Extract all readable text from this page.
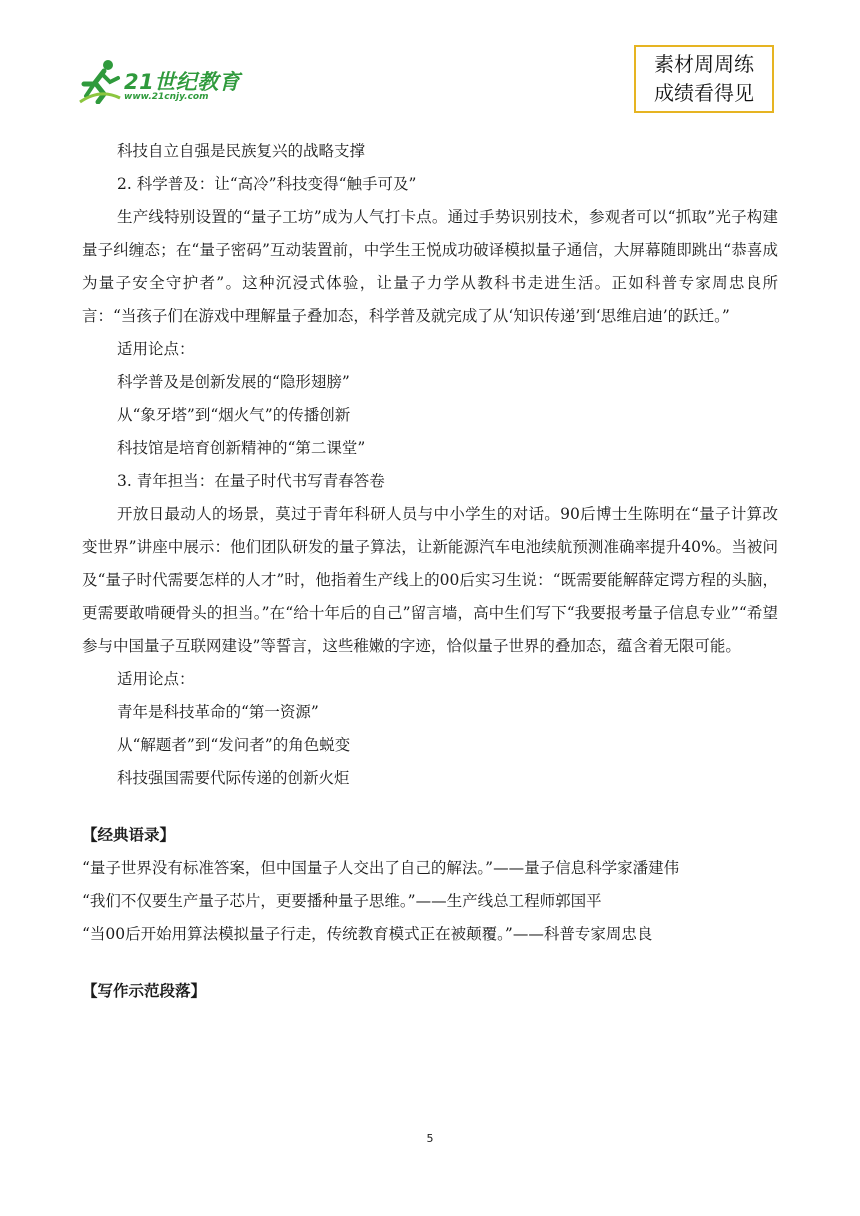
21世纪教育
www.21cnjy.com
素材周周练
成绩看得见

科技自立自强是民族复兴的战略支撑

2. 科学普及：让“高冷”科技变得“触手可及”

生产线特别设置的“量子工坊”成为人气打卡点。通过手势识别技术，参观者可以“抓取”光子构建量子纠缠态；在“量子密码”互动装置前，中学生王悦成功破译模拟量子通信，大屏幕随即跳出“恭喜成为量子安全守护者”。这种沉浸式体验，让量子力学从教科书走进生活。正如科普专家周忠良所言：“当孩子们在游戏中理解量子叠加态，科学普及就完成了从‘知识传递’到‘思维启迪’的跃迁。”

适用论点：

科学普及是创新发展的“隐形翅膀”

从“象牙塔”到“烟火气”的传播创新

科技馆是培育创新精神的“第二课堂”

3. 青年担当：在量子时代书写青春答卷

开放日最动人的场景，莫过于青年科研人员与中小学生的对话。90后博士生陈明在“量子计算改变世界”讲座中展示：他们团队研发的量子算法，让新能源汽车电池续航预测准确率提升40%。当被问及“量子时代需要怎样的人才”时，他指着生产线上的00后实习生说：“既需要能解薛定谔方程的头脑，更需要敢啃硬骨头的担当。”在“给十年后的自己”留言墙，高中生们写下“我要报考量子信息专业”“希望参与中国量子互联网建设”等誓言，这些稚嫩的字迹，恰似量子世界的叠加态，蕴含着无限可能。

适用论点：

青年是科技革命的“第一资源”

从“解题者”到“发问者”的角色蜕变

科技强国需要代际传递的创新火炬

【经典语录】

“量子世界没有标准答案，但中国量子人交出了自己的解法。”——量子信息科学家潘建伟

“我们不仅要生产量子芯片，更要播种量子思维。”——生产线总工程师郭国平

“当00后开始用算法模拟量子行走，传统教育模式正在被颠覆。”——科普专家周忠良

【写作示范段落】

5
